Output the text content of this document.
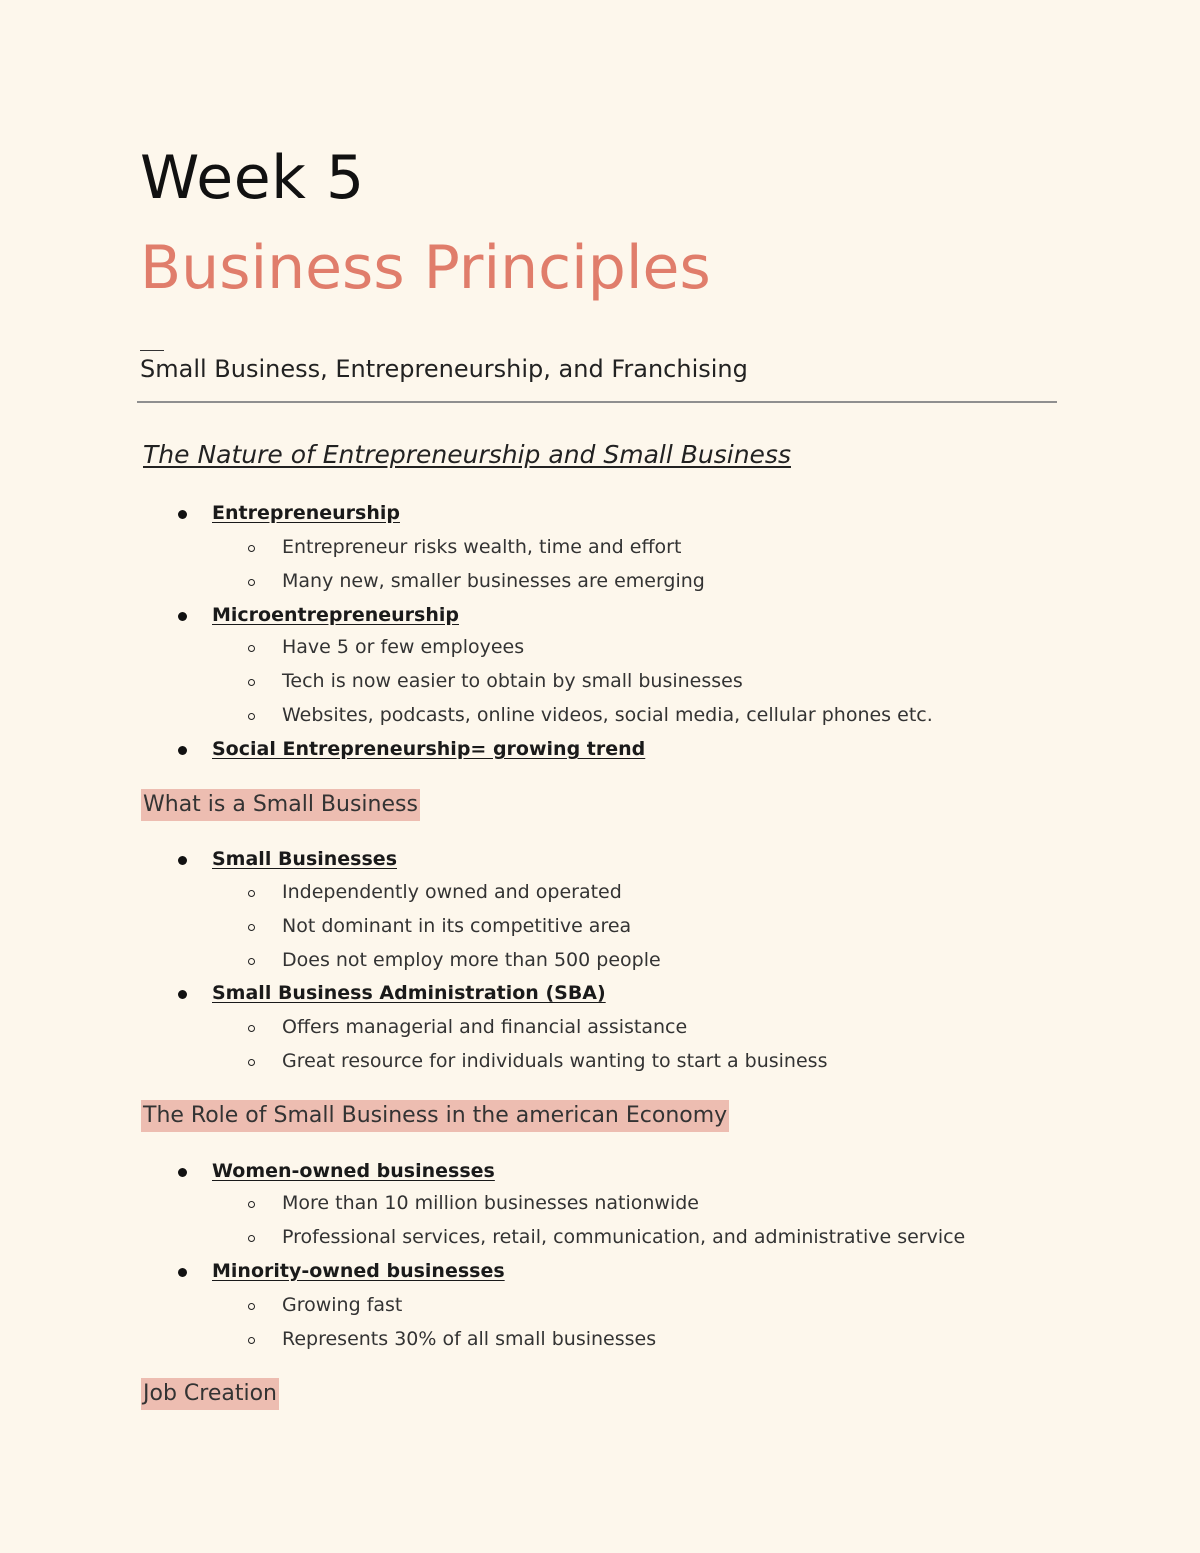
Week 5
Business Principles
Small Business, Entrepreneurship, and Franchising
The Nature of Entrepreneurship and Small Business
Entrepreneurship
Entrepreneur risks wealth, time and effort
Many new, smaller businesses are emerging
Microentrepreneurship
Have 5 or few employees
Tech is now easier to obtain by small businesses
Websites, podcasts, online videos, social media, cellular phones etc.
Social Entrepreneurship= growing trend
What is a Small Business
Small Businesses
Independently owned and operated
Not dominant in its competitive area
Does not employ more than 500 people
Small Business Administration (SBA)
Offers managerial and financial assistance
Great resource for individuals wanting to start a business
The Role of Small Business in the american Economy
Women-owned businesses
More than 10 million businesses nationwide
Professional services, retail, communication, and administrative service
Minority-owned businesses
Growing fast
Represents 30% of all small businesses
Job Creation
